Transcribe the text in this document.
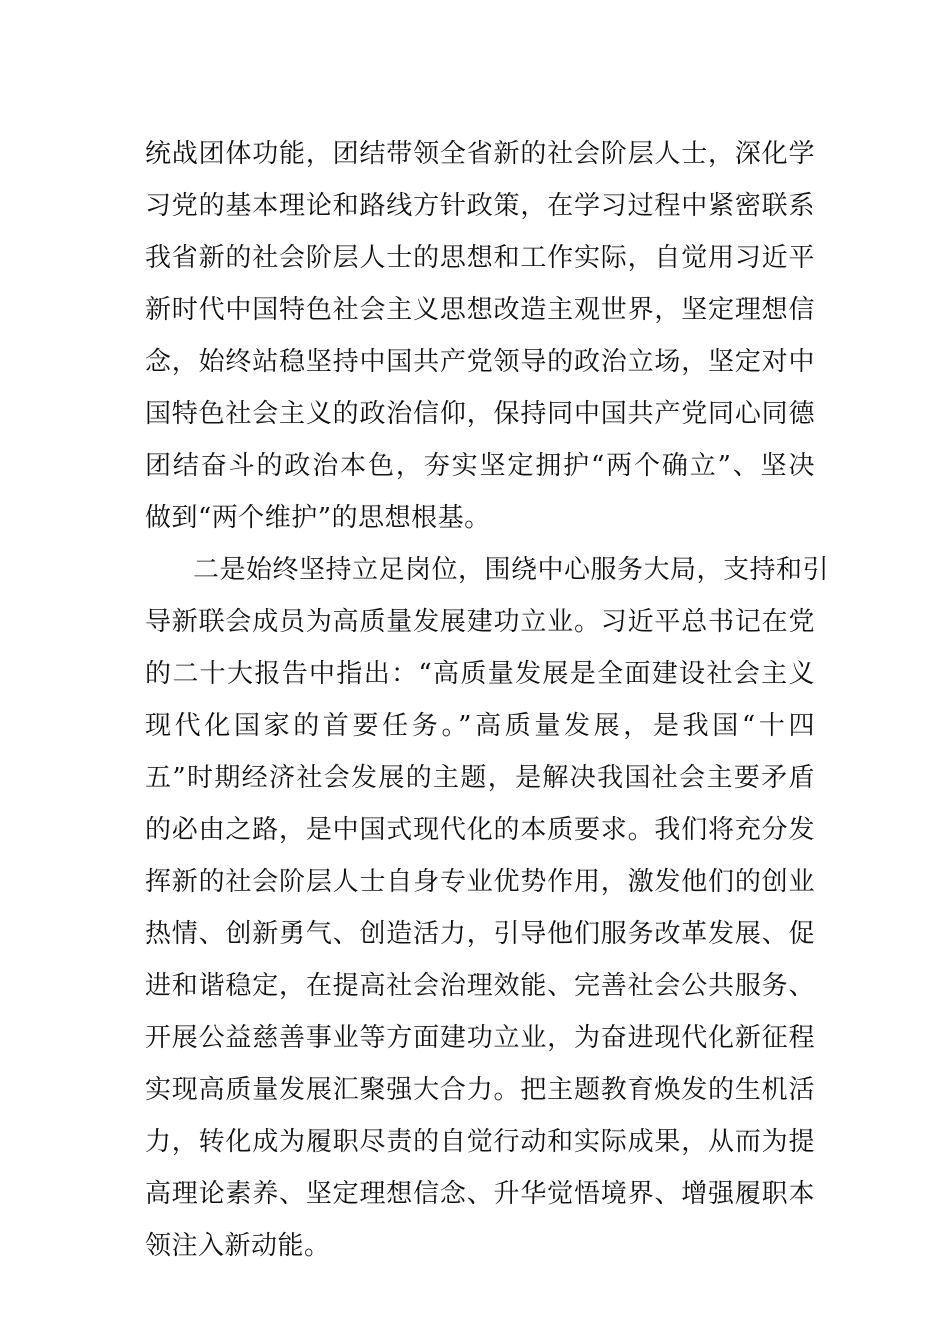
统战团体功能，团结带领全省新的社会阶层人士，深化学
习党的基本理论和路线方针政策，在学习过程中紧密联系
我省新的社会阶层人士的思想和工作实际，自觉用习近平
新时代中国特色社会主义思想改造主观世界，坚定理想信
念，始终站稳坚持中国共产党领导的政治立场，坚定对中
国特色社会主义的政治信仰，保持同中国共产党同心同德
团结奋斗的政治本色，夯实坚定拥护“两个确立”、坚决
做到“两个维护”的思想根基。
二是始终坚持立足岗位，围绕中心服务大局，支持和引
导新联会成员为高质量发展建功立业。习近平总书记在党
的二十大报告中指出：“高质量发展是全面建设社会主义
现代化国家的首要任务。”高质量发展，是我国“十四
五”时期经济社会发展的主题，是解决我国社会主要矛盾
的必由之路，是中国式现代化的本质要求。我们将充分发
挥新的社会阶层人士自身专业优势作用，激发他们的创业
热情、创新勇气、创造活力，引导他们服务改革发展、促
进和谐稳定，在提高社会治理效能、完善社会公共服务、
开展公益慈善事业等方面建功立业，为奋进现代化新征程
实现高质量发展汇聚强大合力。把主题教育焕发的生机活
力，转化成为履职尽责的自觉行动和实际成果，从而为提
高理论素养、坚定理想信念、升华觉悟境界、增强履职本
领注入新动能。
